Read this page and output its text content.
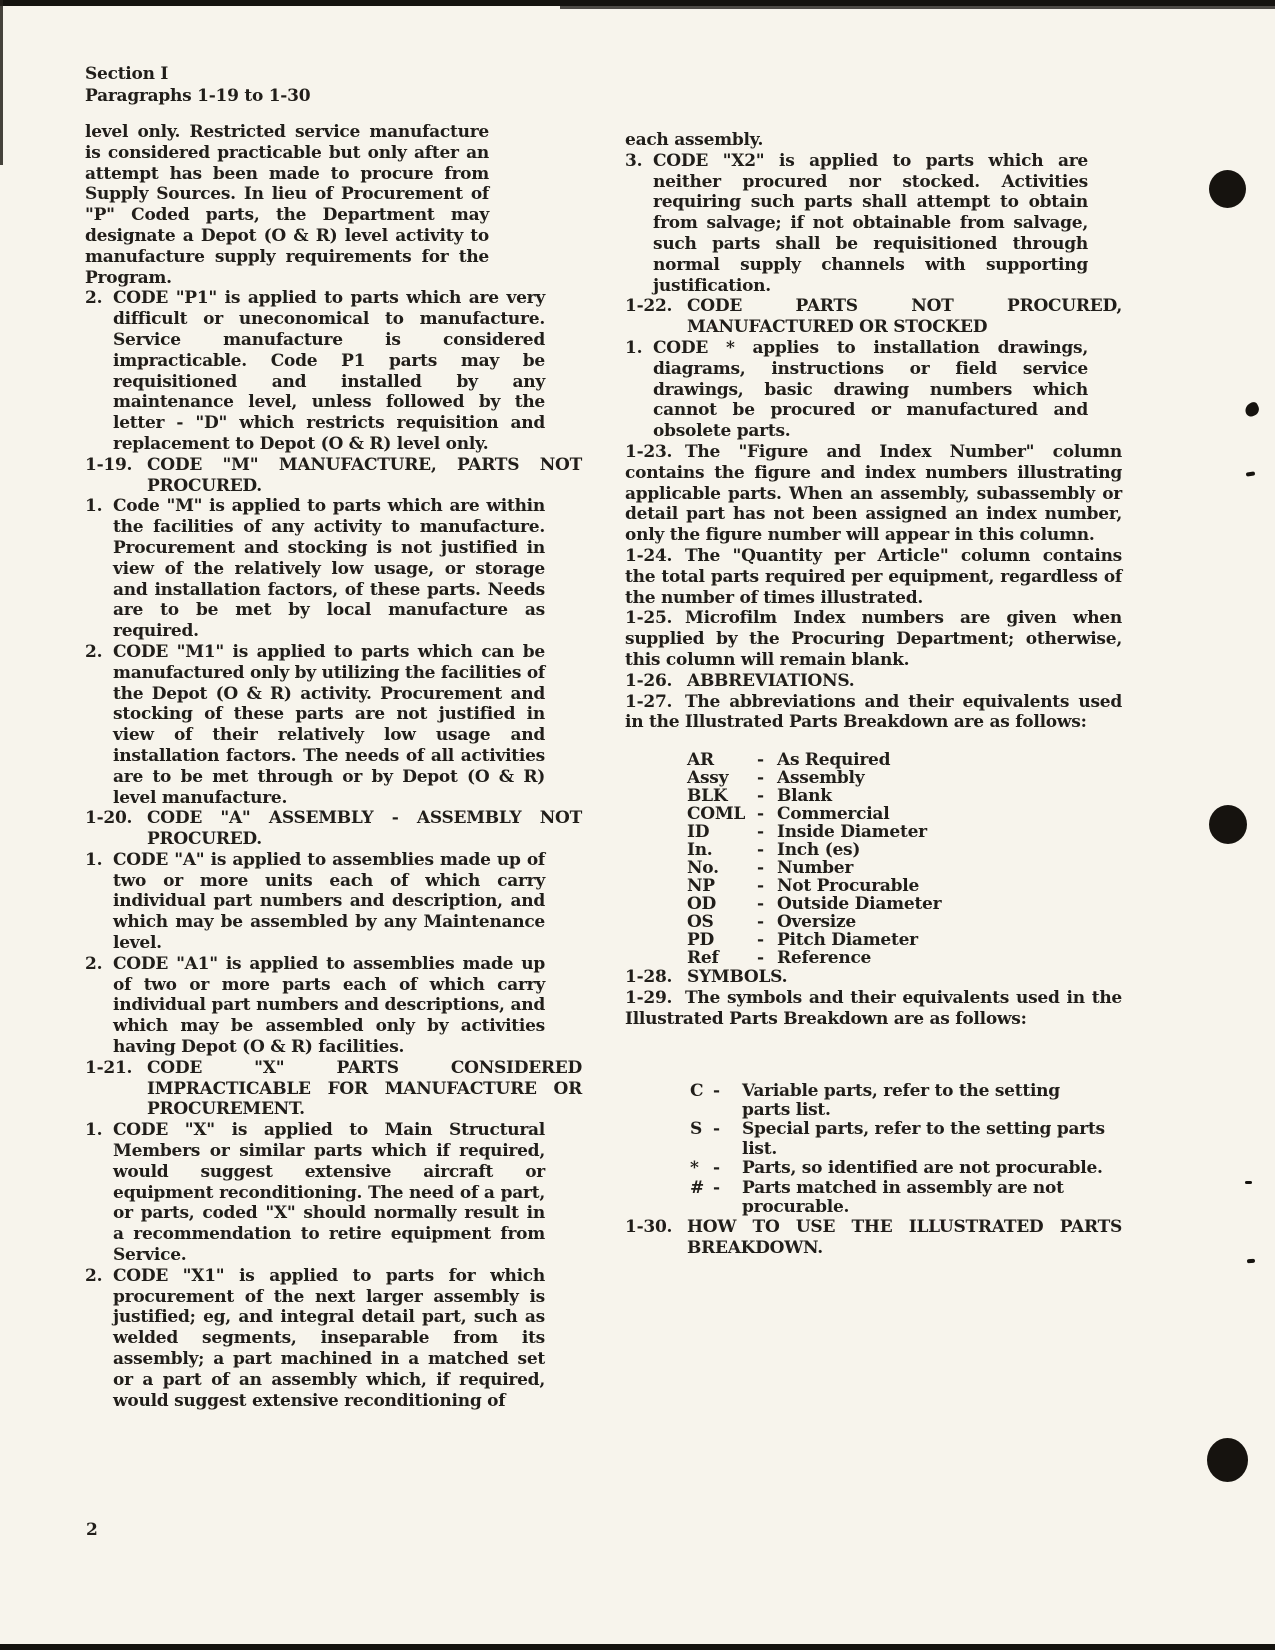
Section I
Paragraphs 1-19 to 1-30

level only. Restricted service manufacture is considered practicable but only after an attempt has been made to procure from Supply Sources. In lieu of Procurement of "P" Coded parts, the Department may designate a Depot (O & R) level activity to manufacture supply requirements for the Program.

2. CODE "P1" is applied to parts which are very difficult or uneconomical to manufacture. Service manufacture is considered impracticable. Code P1 parts may be requisitioned and installed by any maintenance level, unless followed by the letter - "D" which restricts requisition and replacement to Depot (O & R) level only.
1-19. CODE "M" MANUFACTURE, PARTS NOT PROCURED.
1. Code "M" is applied to parts which are within the facilities of any activity to manufacture. Procurement and stocking is not justified in view of the relatively low usage, or storage and installation factors, of these parts. Needs are to be met by local manufacture as required.
2. CODE "M1" is applied to parts which can be manufactured only by utilizing the facilities of the Depot (O & R) activity. Procurement and stocking of these parts are not justified in view of their relatively low usage and installation factors. The needs of all activities are to be met through or by Depot (O & R) level manufacture.
1-20. CODE "A" ASSEMBLY - ASSEMBLY NOT PROCURED.
1. CODE "A" is applied to assemblies made up of two or more units each of which carry individual part numbers and description, and which may be assembled by any Maintenance level.
2. CODE "A1" is applied to assemblies made up of two or more parts each of which carry individual part numbers and descriptions, and which may be assembled only by activities having Depot (O & R) facilities.
1-21. CODE "X" PARTS CONSIDERED IMPRACTICABLE FOR MANUFACTURE OR PROCUREMENT.
1. CODE "X" is applied to Main Structural Members or similar parts which if required, would suggest extensive aircraft or equipment reconditioning. The need of a part, or parts, coded "X" should normally result in a recommendation to retire equipment from Service.
2. CODE "X1" is applied to parts for which procurement of the next larger assembly is justified; eg, and integral detail part, such as welded segments, inseparable from its assembly; a part machined in a matched set or a part of an assembly which, if required, would suggest extensive reconditioning of

each assembly.

3. CODE "X2" is applied to parts which are neither procured nor stocked. Activities requiring such parts shall attempt to obtain from salvage; if not obtainable from salvage, such parts shall be requisitioned through normal supply channels with supporting justification.
1-22. CODE PARTS NOT PROCURED, MANUFACTURED OR STOCKED
1. CODE * applies to installation drawings, diagrams, instructions or field service drawings, basic drawing numbers which cannot be procured or manufactured and obsolete parts.

1-23. The "Figure and Index Number" column contains the figure and index numbers illustrating applicable parts. When an assembly, subassembly or detail part has not been assigned an index number, only the figure number will appear in this column.

1-24. The "Quantity per Article" column contains the total parts required per equipment, regardless of the number of times illustrated.

1-25. Microfilm Index numbers are given when supplied by the Procuring Department; otherwise, this column will remain blank.

1-26. ABBREVIATIONS.

1-27. The abbreviations and their equivalents used in the Illustrated Parts Breakdown are as follows:

AR	- As Required
Assy	- Assembly
BLK	- Blank
COML - Commercial
ID	- Inside Diameter
In.	- Inch (es)
No.	- Number
NP	- Not Procurable
OD	- Outside Diameter
OS	- Oversize
PD	- Pitch Diameter
Ref	- Reference
1-28. SYMBOLS.

1-29. The symbols and their equivalents used in the Illustrated Parts Breakdown are as follows:

C -	Variable parts, refer to the setting parts list.
S -	Special parts, refer to the setting parts list.
* -	Parts, so identified are not procurable.
# -	Parts matched in assembly are not procurable.
1-30. HOW TO USE THE ILLUSTRATED PARTS BREAKDOWN.
2
